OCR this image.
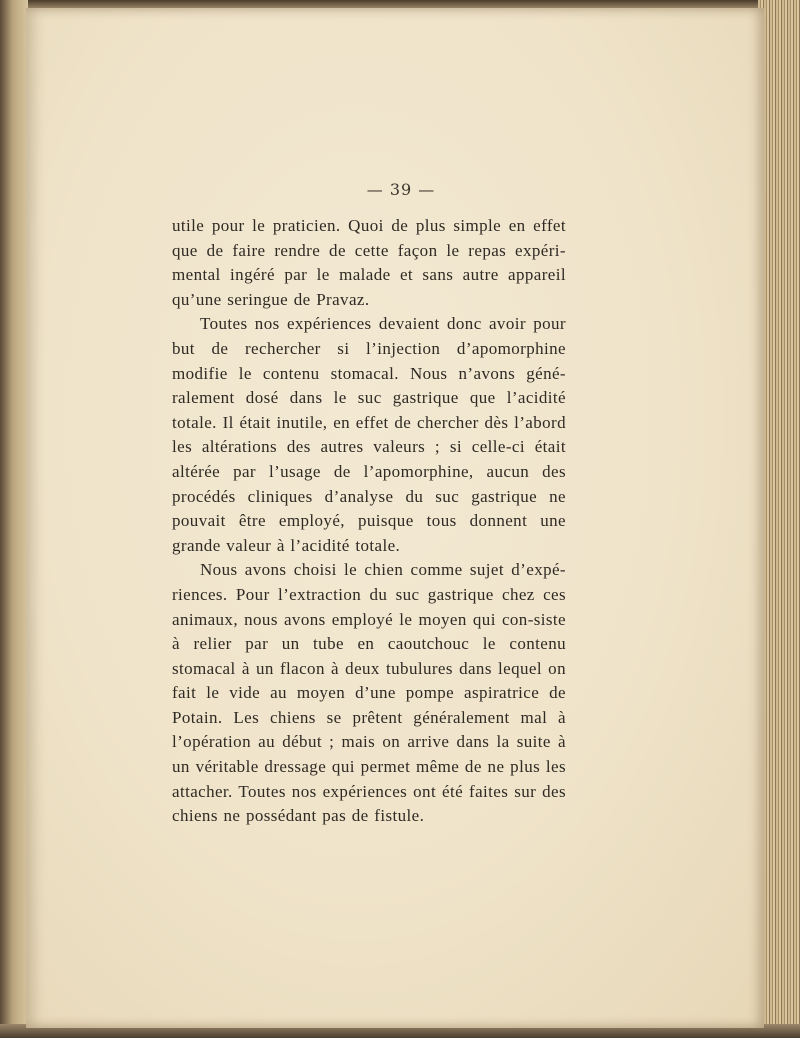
— 39 —

utile pour le praticien. Quoi de plus simple en effet que de faire rendre de cette façon le repas expéri-mental ingéré par le malade et sans autre appareil qu’une seringue de Pravaz.

Toutes nos expériences devaient donc avoir pour but de rechercher si l’injection d’apomorphine modifie le contenu stomacal. Nous n’avons géné-ralement dosé dans le suc gastrique que l’acidité totale. Il était inutile, en effet de chercher dès l’abord les altérations des autres valeurs ; si celle-ci était altérée par l’usage de l’apomorphine, aucun des procédés cliniques d’analyse du suc gastrique ne pouvait être employé, puisque tous donnent une grande valeur à l’acidité totale.

Nous avons choisi le chien comme sujet d’expé-riences. Pour l’extraction du suc gastrique chez ces animaux, nous avons employé le moyen qui con-siste à relier par un tube en caoutchouc le contenu stomacal à un flacon à deux tubulures dans lequel on fait le vide au moyen d’une pompe aspiratrice de Potain. Les chiens se prêtent généralement mal à l’opération au début ; mais on arrive dans la suite à un véritable dressage qui permet même de ne plus les attacher. Toutes nos expériences ont été faites sur des chiens ne possédant pas de fistule.
